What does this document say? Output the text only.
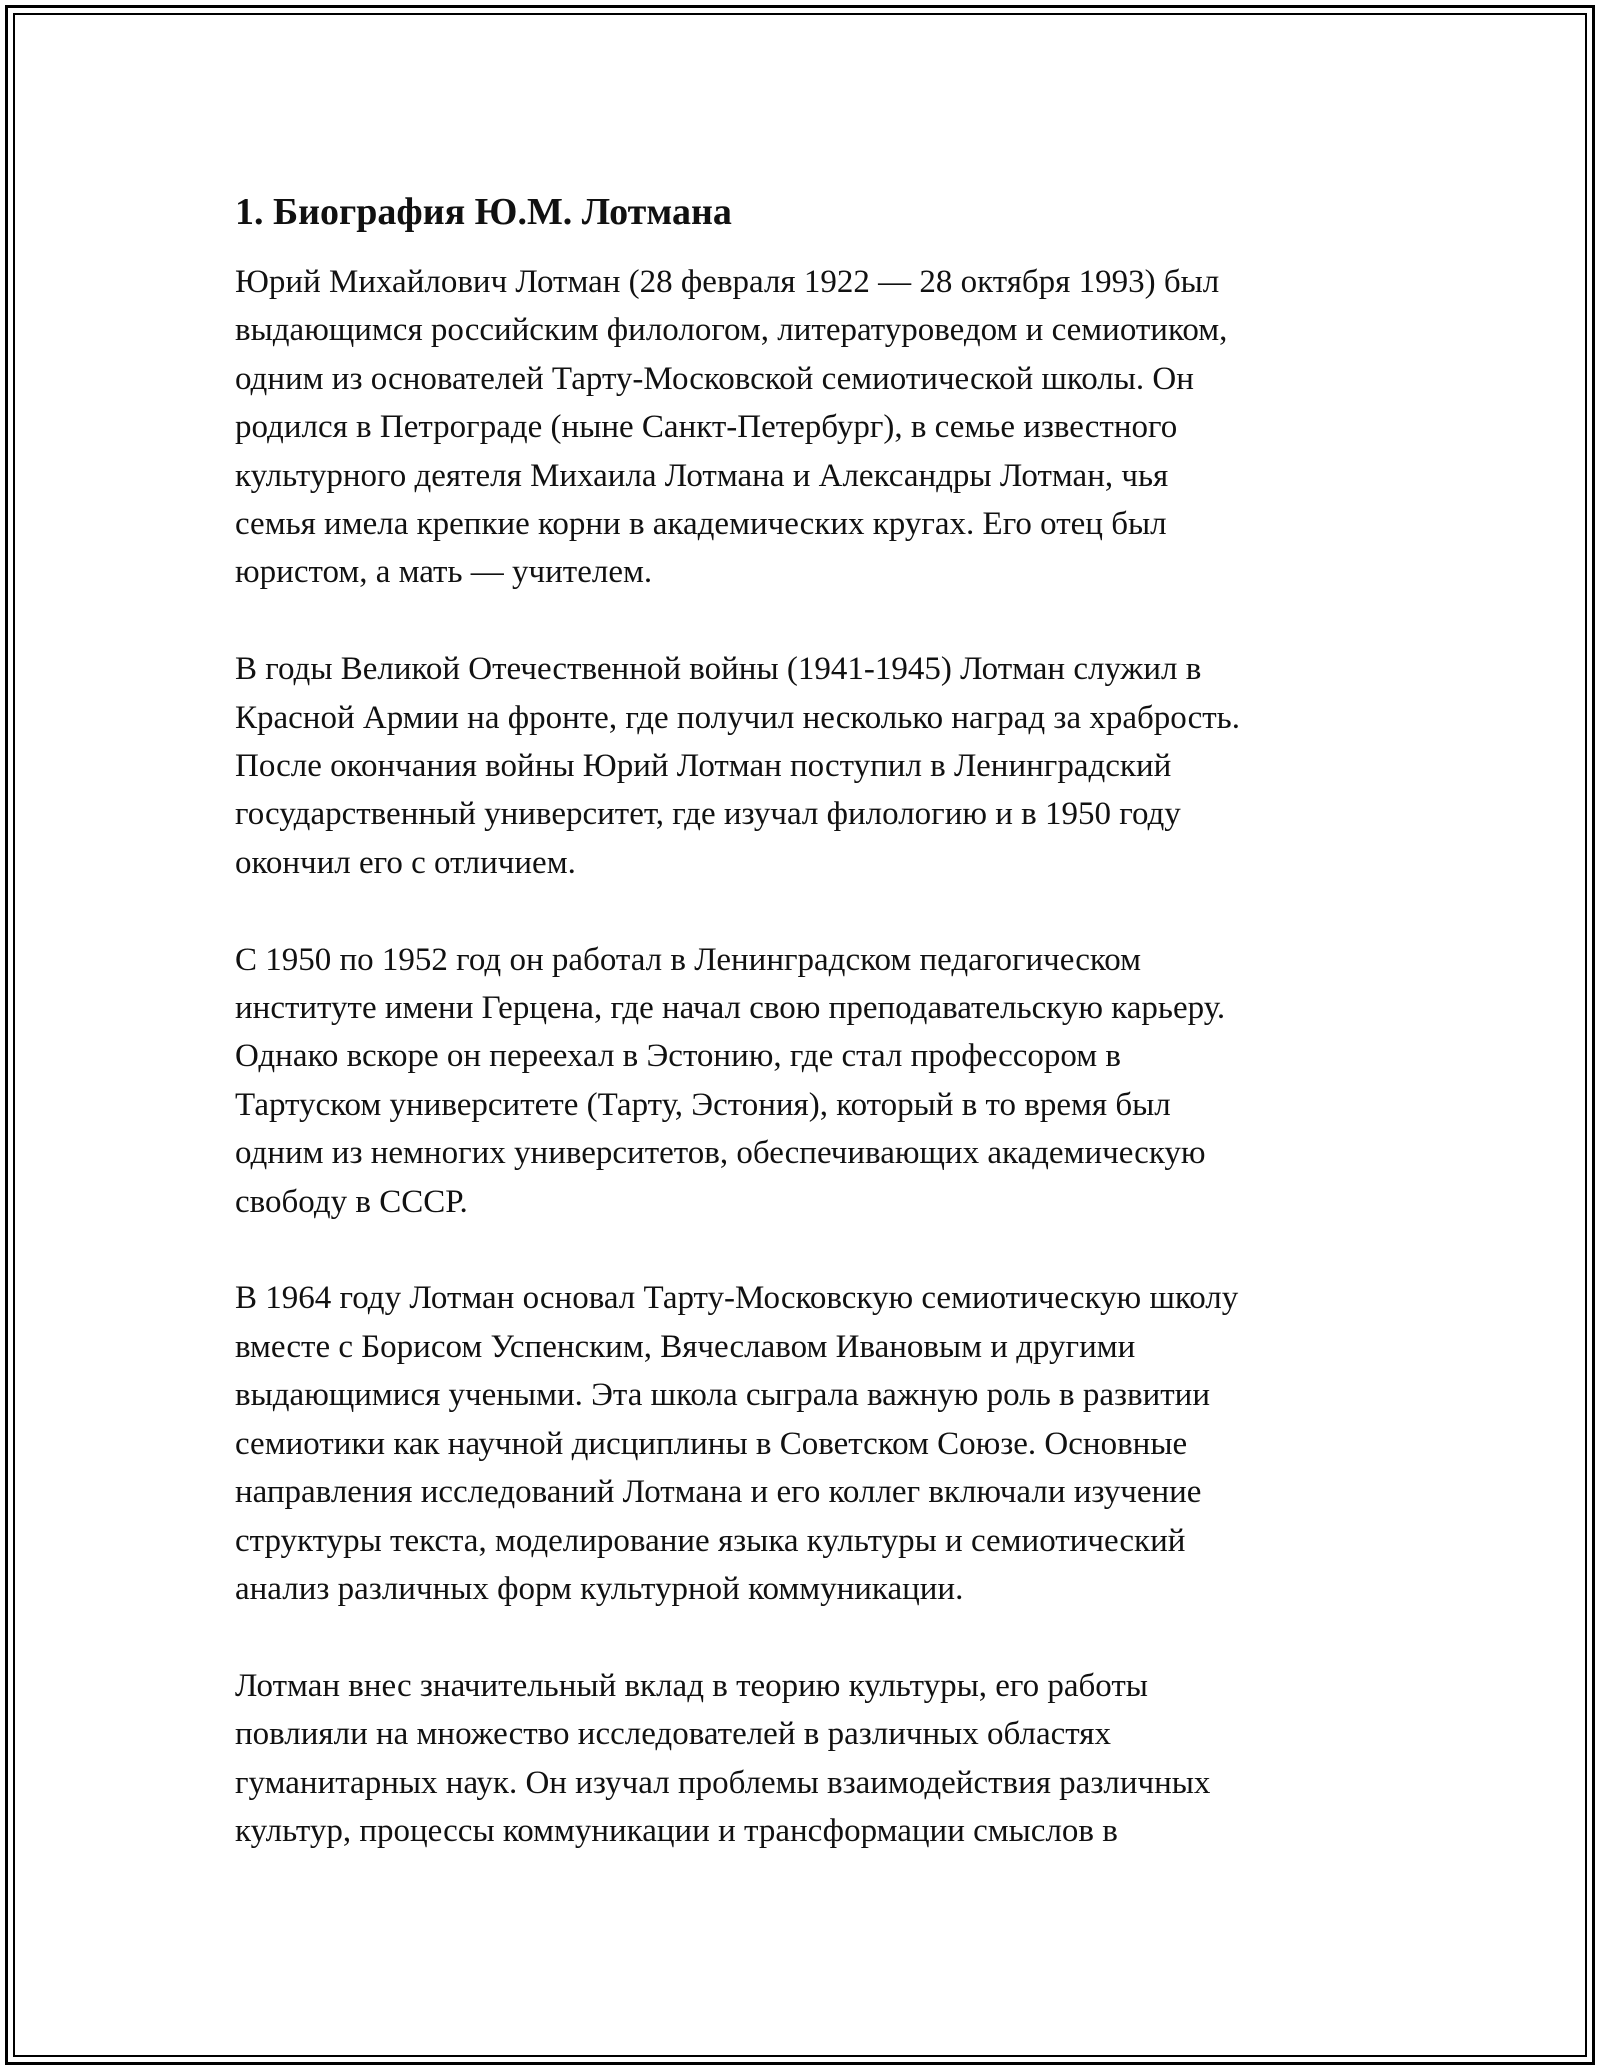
1. Биография Ю.М. Лотмана

Юрий Михайлович Лотман (28 февраля 1922 — 28 октября 1993) был
выдающимся российским филологом, литературоведом и семиотиком,
одним из основателей Тарту-Московской семиотической школы. Он
родился в Петрограде (ныне Санкт-Петербург), в семье известного
культурного деятеля Михаила Лотмана и Александры Лотман, чья
семья имела крепкие корни в академических кругах. Его отец был
юристом, а мать — учителем.

В годы Великой Отечественной войны (1941-1945) Лотман служил в
Красной Армии на фронте, где получил несколько наград за храбрость.
После окончания войны Юрий Лотман поступил в Ленинградский
государственный университет, где изучал филологию и в 1950 году
окончил его с отличием.

С 1950 по 1952 год он работал в Ленинградском педагогическом
институте имени Герцена, где начал свою преподавательскую карьеру.
Однако вскоре он переехал в Эстонию, где стал профессором в
Тартуском университете (Тарту, Эстония), который в то время был
одним из немногих университетов, обеспечивающих академическую
свободу в СССР.

В 1964 году Лотман основал Тарту-Московскую семиотическую школу
вместе с Борисом Успенским, Вячеславом Ивановым и другими
выдающимися учеными. Эта школа сыграла важную роль в развитии
семиотики как научной дисциплины в Советском Союзе. Основные
направления исследований Лотмана и его коллег включали изучение
структуры текста, моделирование языка культуры и семиотический
анализ различных форм культурной коммуникации.

Лотман внес значительный вклад в теорию культуры, его работы
повлияли на множество исследователей в различных областях
гуманитарных наук. Он изучал проблемы взаимодействия различных
культур, процессы коммуникации и трансформации смыслов в
